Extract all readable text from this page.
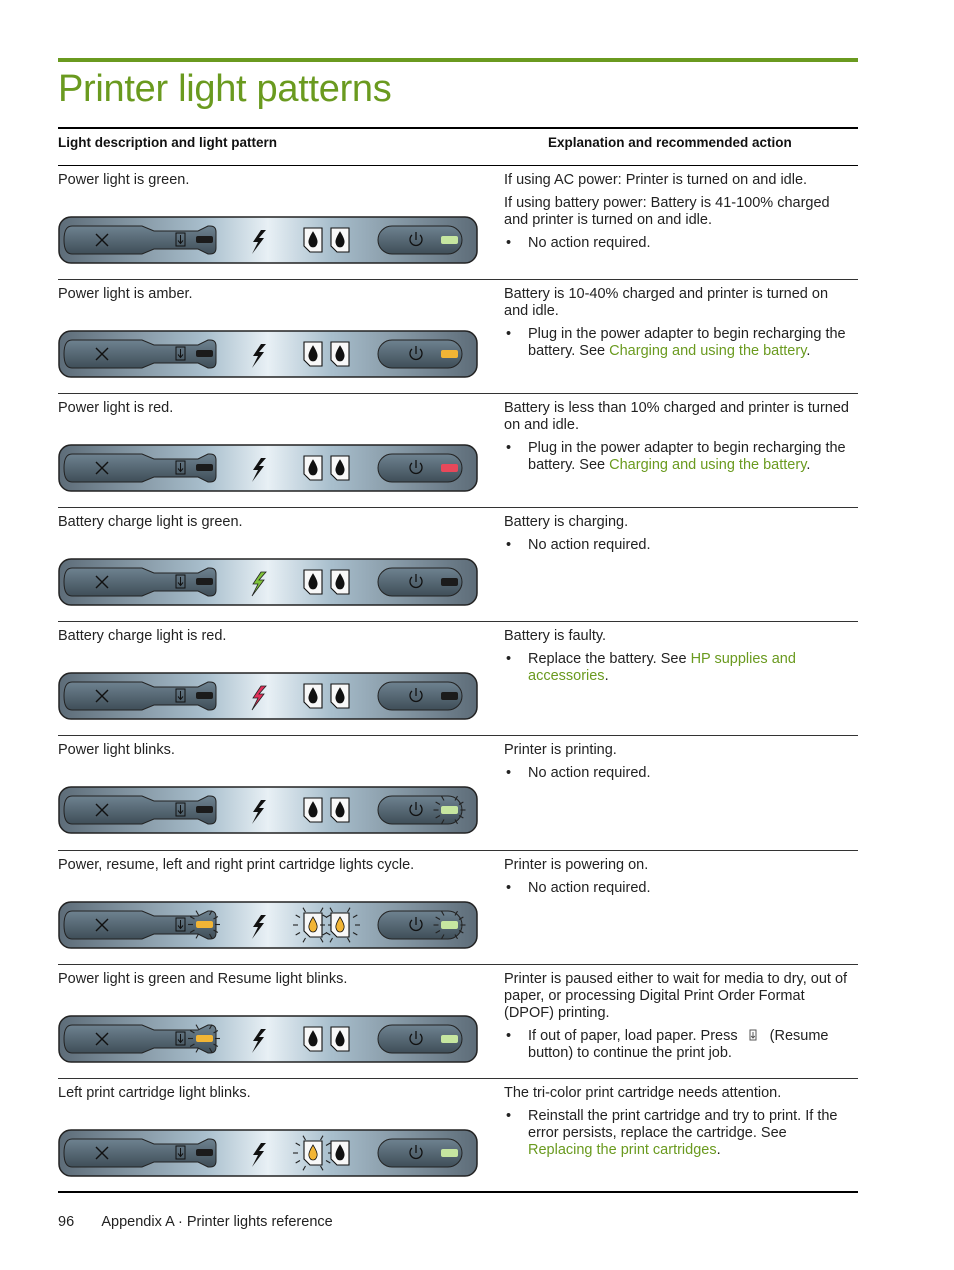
Printer light patterns
Light description and light pattern	Explanation and recommended action
Power light is green.	If using AC power: Printer is turned on and idle.

If using battery power: Battery is 41-100% charged and printer is turned on and idle.

• No action required.
Power light is amber.	Battery is 10-40% charged and printer is turned on and idle.

• Plug in the power adapter to begin recharging the battery. See Charging and using the battery.
Power light is red.	Battery is less than 10% charged and printer is turned on and idle.

• Plug in the power adapter to begin recharging the battery. See Charging and using the battery.
Battery charge light is green.	Battery is charging.

• No action required.
Battery charge light is red.	Battery is faulty.

• Replace the battery. See HP supplies and accessories.
Power light blinks.	Printer is printing.

• No action required.
Power, resume, left and right print cartridge lights cycle.	Printer is powering on.

• No action required.
Power light is green and Resume light blinks.	Printer is paused either to wait for media to dry, out of paper, or processing Digital Print Order Format (DPOF) printing.

• If out of paper, load paper. Press  (Resume button) to continue the print job.
Left print cartridge light blinks.	The tri-color print cartridge needs attention.

• Reinstall the print cartridge and try to print. If the error persists, replace the cartridge. See Replacing the print cartridges.
96 Appendix A · Printer lights reference
